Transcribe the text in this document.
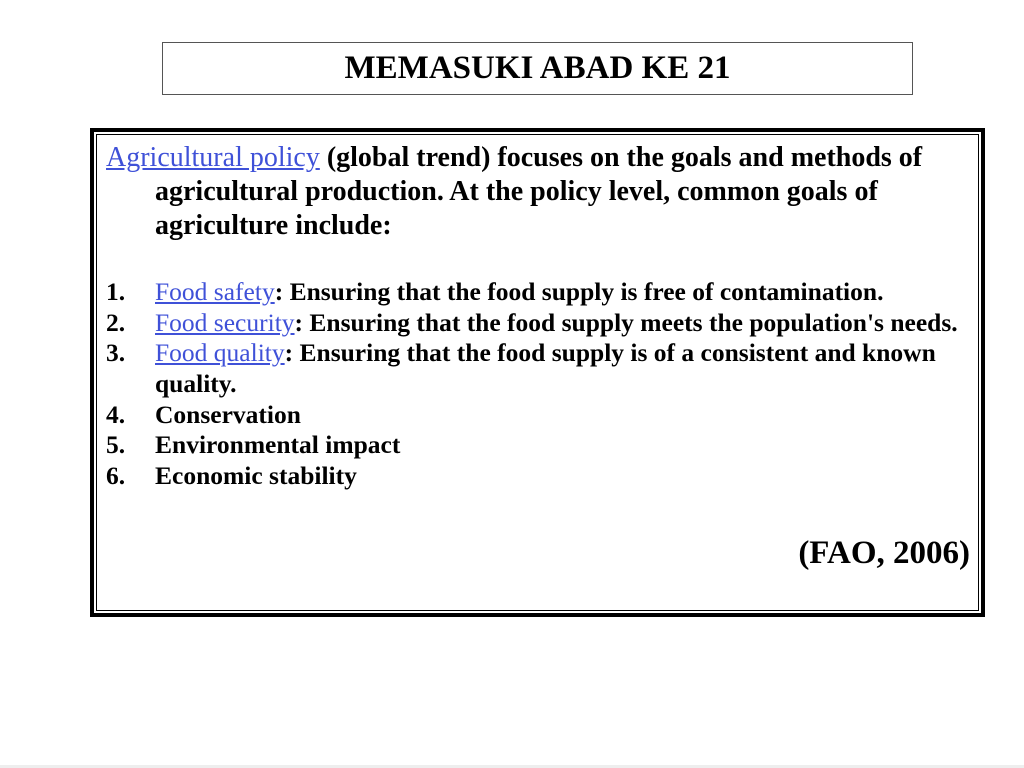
MEMASUKI ABAD KE 21

Agricultural policy (global trend) focuses on the goals and methods of agricultural production. At the policy level, common goals of agriculture include:

1.	Food safety: Ensuring that the food supply is free of contamination.
2.	Food security: Ensuring that the food supply meets the population's needs.
3.	Food quality: Ensuring that the food supply is of a consistent and known quality.
4.	Conservation
5.	Environmental impact
6.	Economic stability
(FAO, 2006)
